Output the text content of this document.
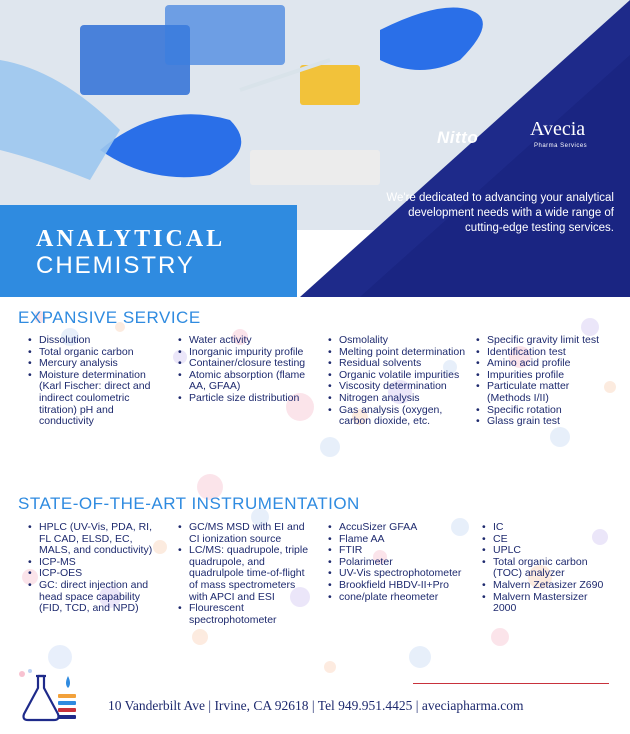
ANALYTICAL
CHEMISTRY
Nitto	Avecia
Pharma Services
We're dedicated to advancing your analytical development needs with a wide range of cutting-edge testing services.
EXPANSIVE SERVICE
• Dissolution
• Total organic carbon
• Mercury analysis
• Moisture determination (Karl Fischer: direct and indirect coulometric titration) pH and conductivity
• Water activity
• Inorganic impurity profile
• Container/closure testing
• Atomic absorption (flame AA, GFAA)
• Particle size distribution
• Osmolality
• Melting point determination
• Residual solvents
• Organic volatile impurities
• Viscosity determination
• Nitrogen analysis
• Gas analysis (oxygen, carbon dioxide, etc.
• Specific gravity limit test
• Identification test
• Amino acid profile
• Impurities profile
• Particulate matter (Methods I/II)
• Specific rotation
• Glass grain test
STATE-OF-THE-ART INSTRUMENTATION
• HPLC (UV-Vis, PDA, RI, FL CAD, ELSD, EC, MALS, and conductivity)
• ICP-MS
• ICP-OES
• GC: direct injection and head space capability (FID, TCD, and NPD)
• GC/MS MSD with EI and CI ionization source
• LC/MS: quadrupole, triple quadrupole, and quadrulpole time-of-flight of mass spectrometers with APCI and ESI
• Flourescent spectrophotometer
• AccuSizer GFAA
• Flame AA
• FTIR
• Polarimeter
• UV-Vis spectrophotometer
• Brookfield HBDV-II+Pro
• cone/plate rheometer
• IC
• CE
• UPLC
• Total organic carbon (TOC) analyzer
• Malvern Zetasizer Z690
• Malvern Mastersizer 2000
10 Vanderbilt Ave | Irvine, CA 92618 | Tel 949.951.4425 | aveciapharma.com
